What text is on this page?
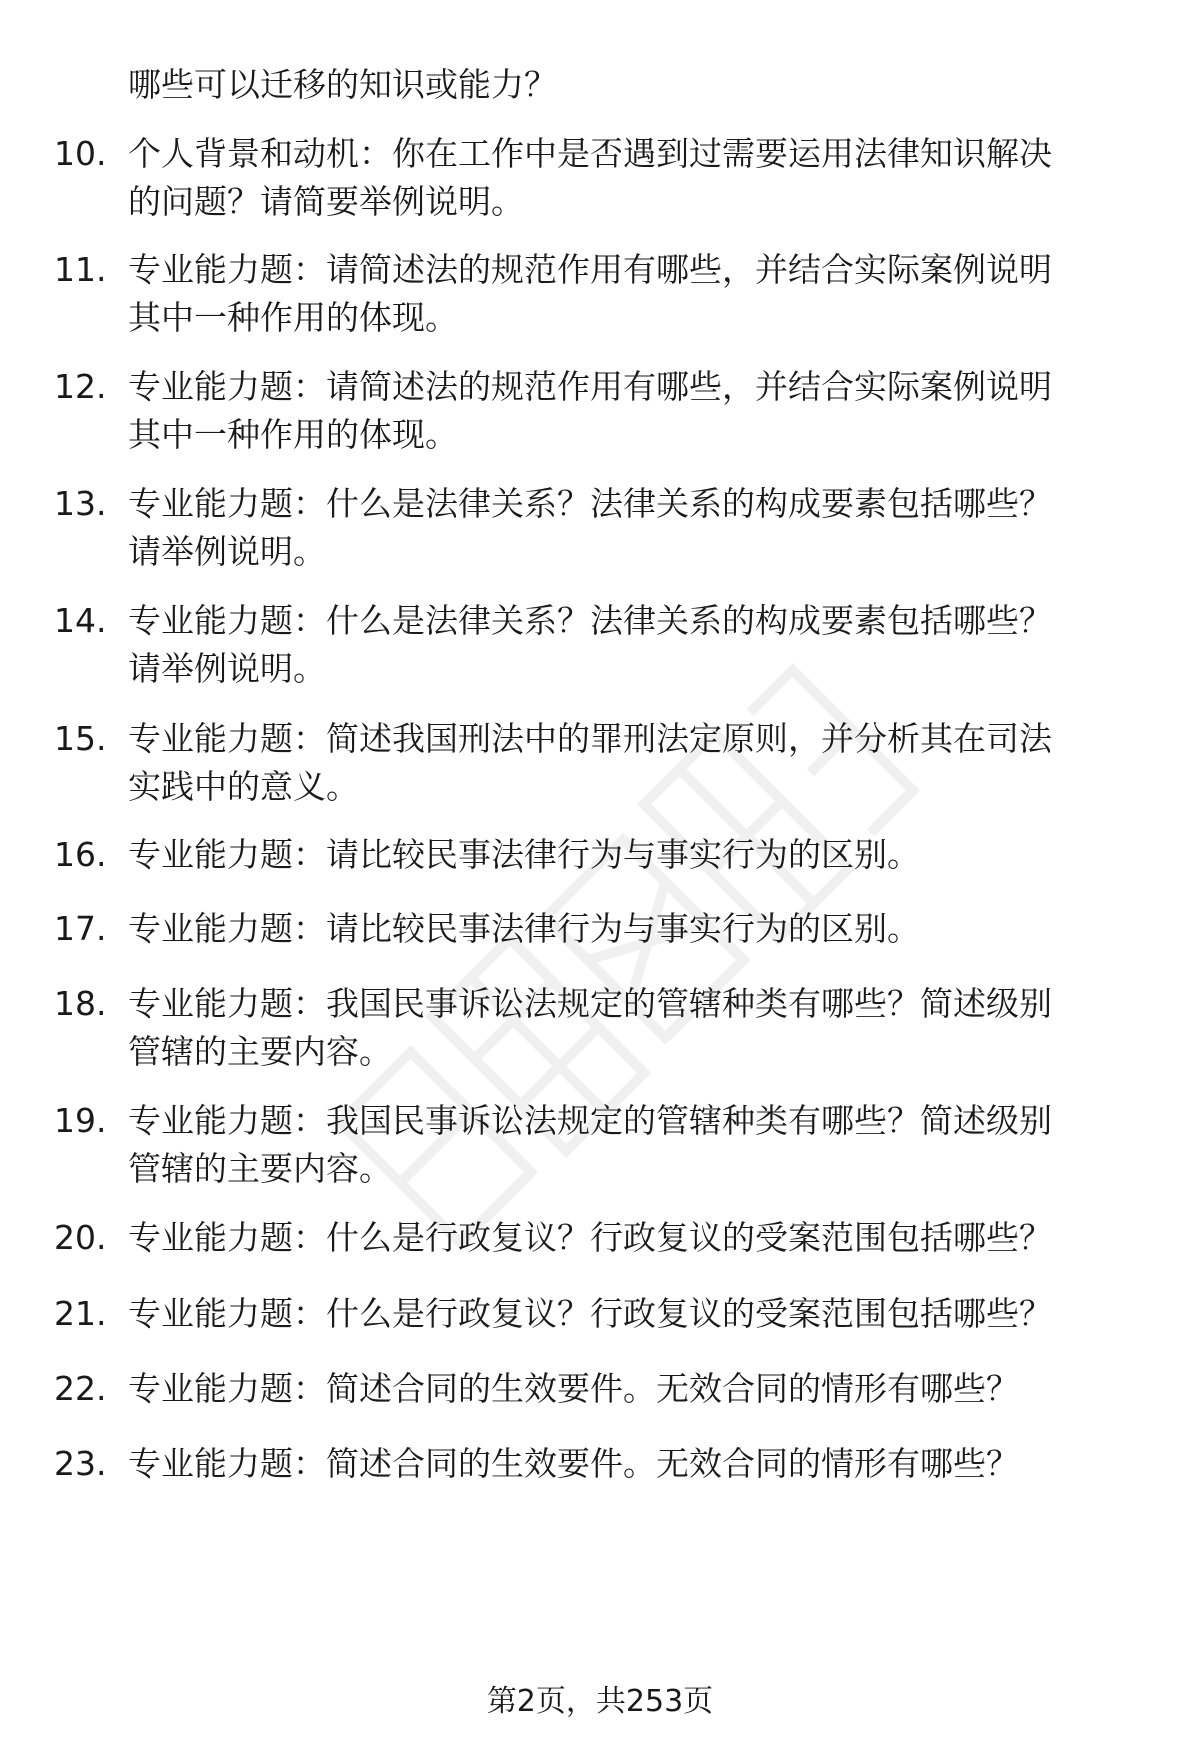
哪些可以迁移的知识或能力？
10. 个人背景和动机：你在工作中是否遇到过需要运用法律知识解决
的问题？请简要举例说明。
11. 专业能力题：请简述法的规范作用有哪些，并结合实际案例说明
其中一种作用的体现。
12. 专业能力题：请简述法的规范作用有哪些，并结合实际案例说明
其中一种作用的体现。
13. 专业能力题：什么是法律关系？法律关系的构成要素包括哪些？
请举例说明。
14. 专业能力题：什么是法律关系？法律关系的构成要素包括哪些？
请举例说明。
15. 专业能力题：简述我国刑法中的罪刑法定原则，并分析其在司法
实践中的意义。
16. 专业能力题：请比较民事法律行为与事实行为的区别。
17. 专业能力题：请比较民事法律行为与事实行为的区别。
18. 专业能力题：我国民事诉讼法规定的管辖种类有哪些？简述级别
管辖的主要内容。
19. 专业能力题：我国民事诉讼法规定的管辖种类有哪些？简述级别
管辖的主要内容。
20. 专业能力题：什么是行政复议？行政复议的受案范围包括哪些？
21. 专业能力题：什么是行政复议？行政复议的受案范围包括哪些？
22. 专业能力题：简述合同的生效要件。无效合同的情形有哪些？
23. 专业能力题：简述合同的生效要件。无效合同的情形有哪些？
第2页，共253页
